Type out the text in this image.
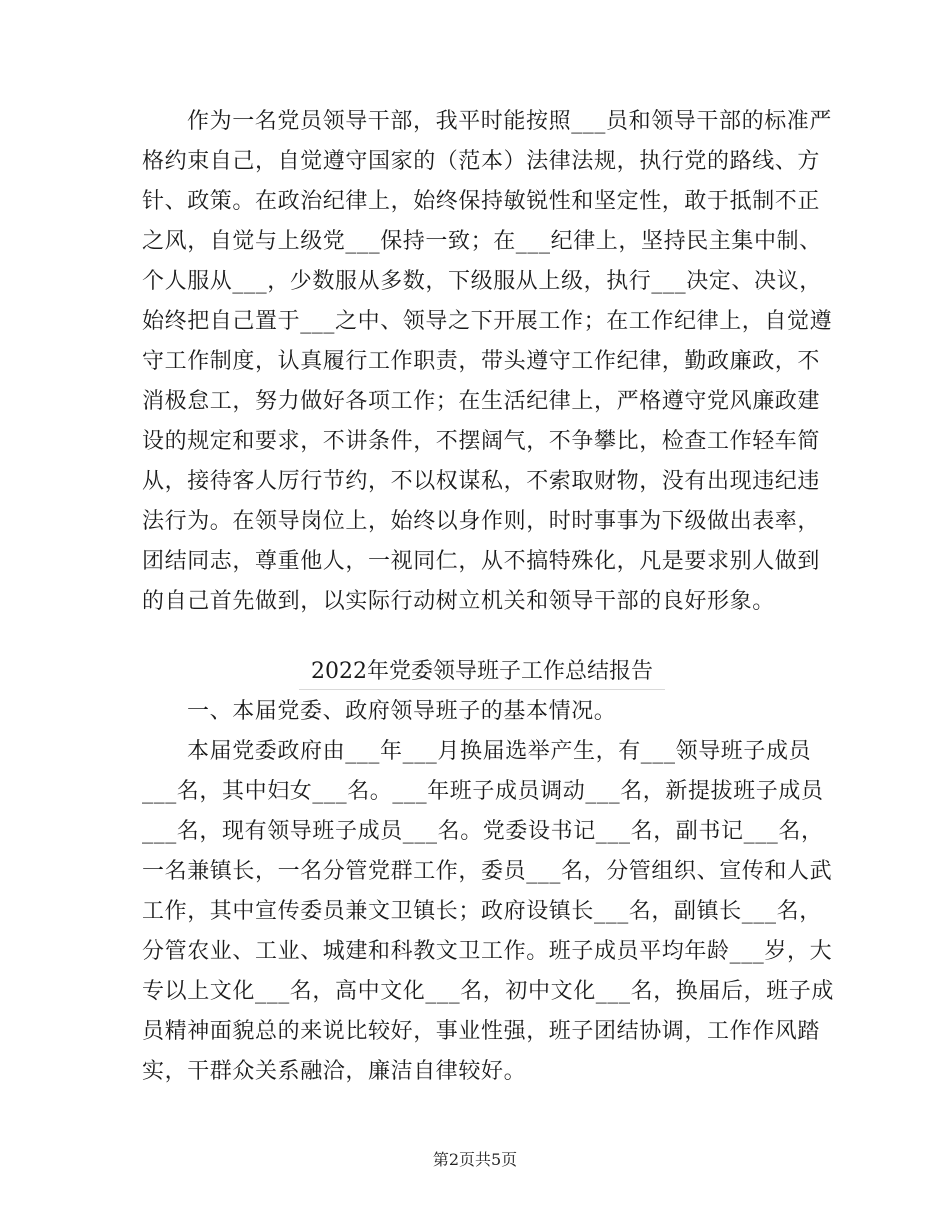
作为一名党员领导干部，我平时能按照___员和领导干部的标准严
格约束自己，自觉遵守国家的（范本）法律法规，执行党的路线、方
针、政策。在政治纪律上，始终保持敏锐性和坚定性，敢于抵制不正
之风，自觉与上级党___保持一致；在___纪律上，坚持民主集中制、
个人服从___，少数服从多数，下级服从上级，执行___决定、决议，
始终把自己置于___之中、领导之下开展工作；在工作纪律上，自觉遵
守工作制度，认真履行工作职责，带头遵守工作纪律，勤政廉政，不
消极怠工，努力做好各项工作；在生活纪律上，严格遵守党风廉政建
设的规定和要求，不讲条件，不摆阔气，不争攀比，检查工作轻车简
从，接待客人厉行节约，不以权谋私，不索取财物，没有出现违纪违
法行为。在领导岗位上，始终以身作则，时时事事为下级做出表率，
团结同志，尊重他人，一视同仁，从不搞特殊化，凡是要求别人做到
的自己首先做到，以实际行动树立机关和领导干部的良好形象。
2022年党委领导班子工作总结报告
一、本届党委、政府领导班子的基本情况。
本届党委政府由___年___月换届选举产生，有___领导班子成员
___名，其中妇女___名。___年班子成员调动___名，新提拔班子成员
___名，现有领导班子成员___名。党委设书记___名，副书记___名，
一名兼镇长，一名分管党群工作，委员___名，分管组织、宣传和人武
工作，其中宣传委员兼文卫镇长；政府设镇长___名，副镇长___名，
分管农业、工业、城建和科教文卫工作。班子成员平均年龄___岁，大
专以上文化___名，高中文化___名，初中文化___名，换届后，班子成
员精神面貌总的来说比较好，事业性强，班子团结协调，工作作风踏
实，干群众关系融洽，廉洁自律较好。
第2页共5页
